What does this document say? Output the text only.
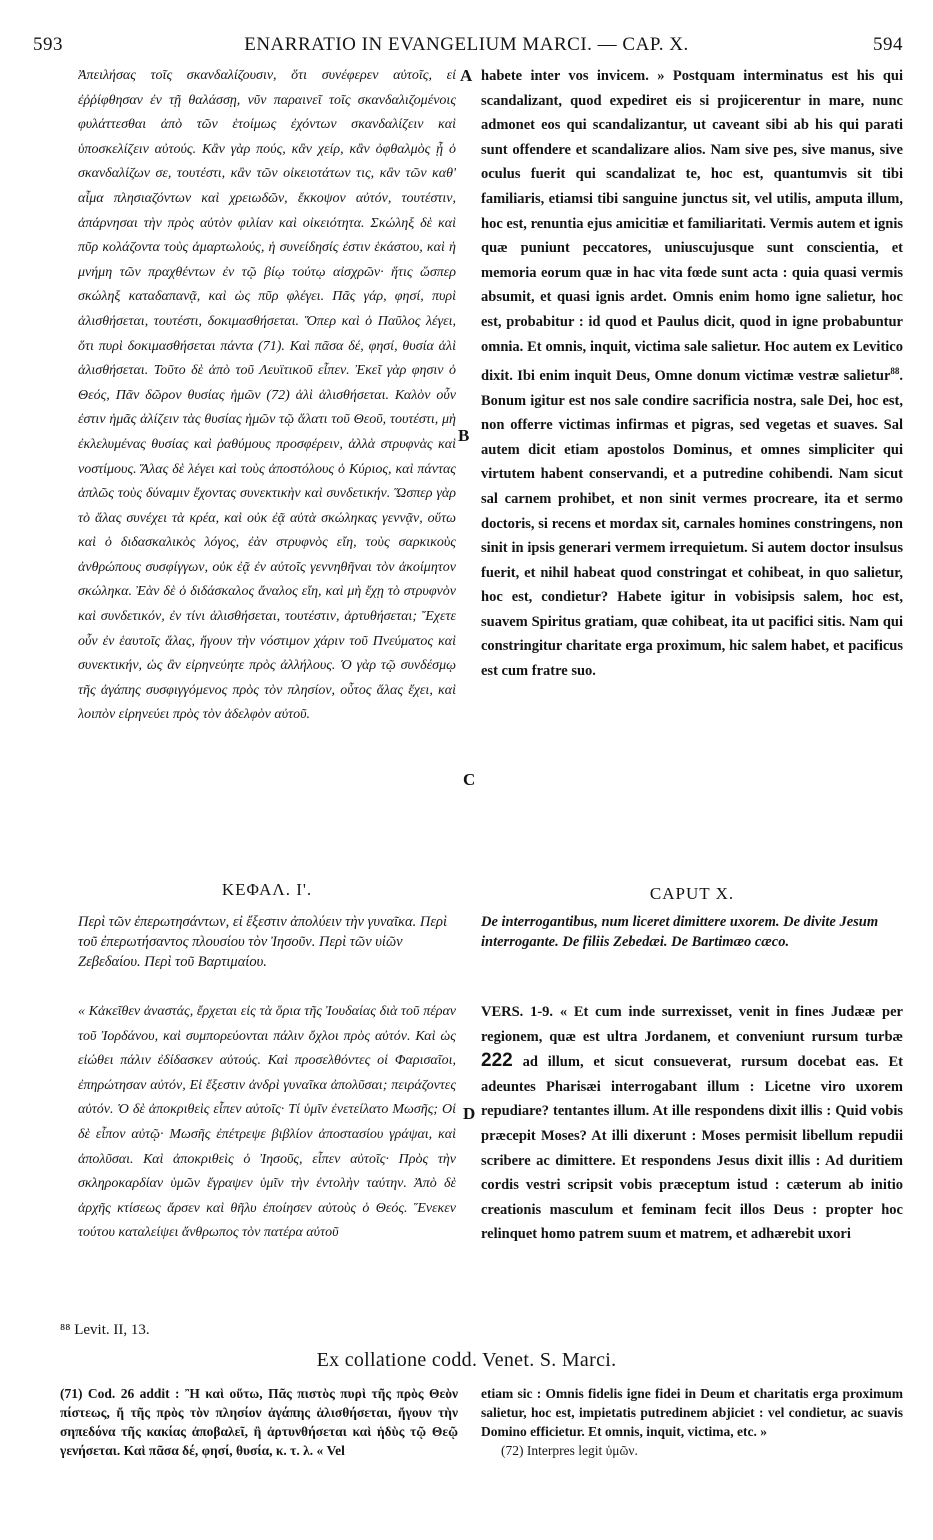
593	ENARRATIO IN EVANGELIUM MARCI. — CAP. X.	594

Ἀπειλήσας τοῖς σκανδαλίζουσιν, ὅτι συνέφερεν αὐτοῖς, εἰ ἐῤῥίφθησαν ἐν τῇ θαλάσσῃ, νῦν παραινεῖ τοῖς σκανδαλιζομένοις φυλάττεσθαι ἀπὸ τῶν ἑτοίμως ἐχόντων σκανδαλίζειν καὶ ὑποσκελίζειν αὐτούς. Κἂν γὰρ πούς, κἂν χείρ, κἂν ὀφθαλμὸς ᾗ ὁ σκανδαλίζων σε, τουτέστι, κἂν τῶν οἰκειοτάτων τις, κἂν τῶν καθ' αἷμα πλησιαζόντων καὶ χρειωδῶν, ἔκκοψον αὐτόν, τουτέστιν, ἀπάρνησαι τὴν πρὸς αὐτὸν φιλίαν καὶ οἰκειότητα. Σκώληξ δὲ καὶ πῦρ κολάζοντα τοὺς ἁμαρτωλούς, ἡ συνείδησίς ἐστιν ἑκάστου, καὶ ἡ μνήμη τῶν πραχθέντων ἐν τῷ βίῳ τούτῳ αἰσχρῶν· ἥτις ὥσπερ σκώληξ καταδαπανᾷ, καὶ ὡς πῦρ φλέγει. Πᾶς γάρ, φησί, πυρὶ ἁλισθήσεται, τουτέστι, δοκιμασθήσεται. Ὅπερ καὶ ὁ Παῦλος λέγει, ὅτι πυρὶ δοκιμασθήσεται πάντα (71). Καὶ πᾶσα δέ, φησί, θυσία ἁλὶ ἁλισθήσεται. Τοῦτο δὲ ἀπὸ τοῦ Λευϊτικοῦ εἶπεν. Ἐκεῖ γὰρ φησιν ὁ Θεός, Πᾶν δῶρον θυσίας ἡμῶν (72) ἁλὶ ἁλισθήσεται. Καλὸν οὖν ἐστιν ἡμᾶς ἁλίζειν τὰς θυσίας ἡμῶν τῷ ἅλατι τοῦ Θεοῦ, τουτέστι, μὴ ἐκλελυμένας θυσίας καὶ ῥαθύμους προσφέρειν, ἀλλὰ στρυφνὰς καὶ νοστίμους. Ἅλας δὲ λέγει καὶ τοὺς ἀποστόλους ὁ Κύριος, καὶ πάντας ἁπλῶς τοὺς δύναμιν ἔχοντας συνεκτικὴν καὶ συνδετικήν. Ὥσπερ γὰρ τὸ ἅλας συνέχει τὰ κρέα, καὶ οὐκ ἐᾷ αὐτὰ σκώληκας γεννᾷν, οὕτω καὶ ὁ διδασκαλικὸς λόγος, ἐὰν στρυφνὸς εἴη, τοὺς σαρκικοὺς ἀνθρώπους συσφίγγων, οὐκ ἐᾷ ἐν αὐτοῖς γεννηθῆναι τὸν ἀκοίμητον σκώληκα. Ἐὰν δὲ ὁ διδάσκαλος ἄναλος εἴη, καὶ μὴ ἔχῃ τὸ στρυφνὸν καὶ συνδετικόν, ἐν τίνι ἁλισθήσεται, τουτέστιν, ἀρτυθήσεται; Ἔχετε οὖν ἐν ἑαυτοῖς ἅλας, ἤγουν τὴν νόστιμον χάριν τοῦ Πνεύματος καὶ συνεκτικήν, ὡς ἂν εἰρηνεύητε πρὸς ἀλλήλους. Ὁ γὰρ τῷ συνδέσμῳ τῆς ἀγάπης συσφιγγόμενος πρὸς τὸν πλησίον, οὗτος ἅλας ἔχει, καὶ λοιπὸν εἰρηνεύει πρὸς τὸν ἀδελφὸν αὐτοῦ.

habete inter vos invicem. » Postquam interminatus est his qui scandalizant, quod expediret eis si projicerentur in mare, nunc admonet eos qui scandalizantur, ut caveant sibi ab his qui parati sunt offendere et scandalizare alios. Nam sive pes, sive manus, sive oculus fuerit qui scandalizat te, hoc est, quantumvis sit tibi familiaris, etiamsi tibi sanguine junctus sit, vel utilis, amputa illum, hoc est, renuntia ejus amicitiæ et familiaritati. Vermis autem et ignis quæ puniunt peccatores, uniuscujusque sunt conscientia, et memoria eorum quæ in hac vita fœde sunt acta : quia quasi vermis absumit, et quasi ignis ardet. Omnis enim homo igne salietur, hoc est, probabitur : id quod et Paulus dicit, quod in igne probabuntur omnia. Et omnis, inquit, victima sale salietur. Hoc autem ex Levitico dixit. Ibi enim inquit Deus, Omne donum victimæ vestræ salietur$^{88}$. Bonum igitur est nos sale condire sacrificia nostra, sale Dei, hoc est, non offerre victimas infirmas et pigras, sed vegetas et suaves. Sal autem dicit etiam apostolos Dominus, et omnes simpliciter qui virtutem habent conservandi, et a putredine cohibendi. Nam sicut sal carnem prohibet, et non sinit vermes procreare, ita et sermo doctoris, si recens et mordax sit, carnales homines constringens, non sinit in ipsis generari vermem irrequietum. Si autem doctor insulsus fuerit, et nihil habeat quod constringat et cohibeat, in quo salietur, hoc est, condietur? Habete igitur in vobisipsis salem, hoc est, suavem Spiritus gratiam, quæ cohibeat, ita ut pacifici sitis. Nam qui constringitur charitate erga proximum, hic salem habet, et pacificus est cum fratre suo.

A
B
C
D
ΚΕΦΑΛ. Ι'.	CAPUT X.
Περὶ τῶν ἐπερωτησάντων, εἰ ἔξεστιν ἀπολύειν τὴν γυναῖκα. Περὶ τοῦ ἐπερωτήσαντος πλουσίου τὸν Ἰησοῦν. Περὶ τῶν υἱῶν Ζεβεδαίου. Περὶ τοῦ Βαρτιμαίου.
De interrogantibus, num liceret dimittere uxorem. De divite Jesum interrogante. De filiis Zebedæi. De Bartimæo cæco.

« Κἀκεῖθεν ἀναστάς, ἔρχεται εἰς τὰ ὅρια τῆς Ἰουδαίας διὰ τοῦ πέραν τοῦ Ἰορδάνου, καὶ συμπορεύονται πάλιν ὄχλοι πρὸς αὐτόν. Καὶ ὡς εἰώθει πάλιν ἐδίδασκεν αὐτούς. Καὶ προσελθόντες οἱ Φαρισαῖοι, ἐπηρώτησαν αὐτόν, Εἰ ἔξεστιν ἀνδρὶ γυναῖκα ἀπολῦσαι; πειράζοντες αὐτόν. Ὁ δὲ ἀποκριθεὶς εἶπεν αὐτοῖς· Τί ὑμῖν ἐνετείλατο Μωσῆς; Οἱ δὲ εἶπον αὐτῷ· Μωσῆς ἐπέτρεψε βιβλίον ἀποστασίου γράψαι, καὶ ἀπολῦσαι. Καὶ ἀποκριθεὶς ὁ Ἰησοῦς, εἶπεν αὐτοῖς· Πρὸς τὴν σκληροκαρδίαν ὑμῶν ἔγραψεν ὑμῖν τὴν ἐντολὴν ταύτην. Ἀπὸ δὲ ἀρχῆς κτίσεως ἄρσεν καὶ θῆλυ ἐποίησεν αὐτοὺς ὁ Θεός. Ἕνεκεν τούτου καταλείψει ἄνθρωπος τὸν πατέρα αὐτοῦ

VERS. 1-9. « Et cum inde surrexisset, venit in fines Judææ per regionem, quæ est ultra Jordanem, et conveniunt rursum turbæ 222 ad illum, et sicut consueverat, rursum docebat eas. Et adeuntes Pharisæi interrogabant illum : Licetne viro uxorem repudiare? tentantes illum. At ille respondens dixit illis : Quid vobis præcepit Moses? At illi dixerunt : Moses permisit libellum repudii scribere ac dimittere. Et respondens Jesus dixit illis : Ad duritiem cordis vestri scripsit vobis præceptum istud : cæterum ab initio creationis masculum et feminam fecit illos Deus : propter hoc relinquet homo patrem suum et matrem, et adhærebit uxori

⁸⁸ Levit. II, 13.
Ex collatione codd. Venet. S. Marci.

(71) Cod. 26 addit : Ἢ καὶ οὕτω, Πᾶς πιστὸς πυρὶ τῆς πρὸς Θεὸν πίστεως, ἤ τῆς πρὸς τὸν πλησίον ἀγάπης ἁλισθήσεται, ἤγουν τὴν σηπεδόνα τῆς κακίας ἀποβαλεῖ, ἢ ἀρτυνθήσεται καὶ ἡδὺς τῷ Θεῷ γενήσεται. Καὶ πᾶσα δέ, φησί, θυσία, κ. τ. λ. « Vel

etiam sic : Omnis fidelis igne fidei in Deum et charitatis erga proximum salietur, hoc est, impietatis putredinem abjiciet : vel condietur, ac suavis Domino efficietur. Et omnis, inquit, victima, etc. »

(72) Interpres legit ὑμῶν.
